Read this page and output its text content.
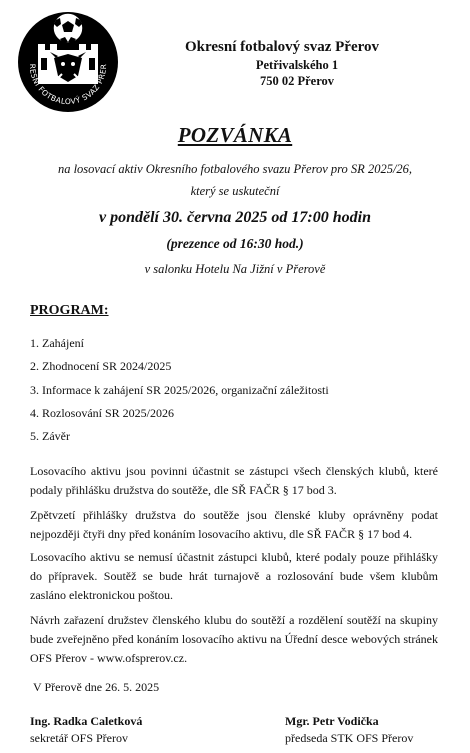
RESNÍ FOTBALOVÝ SVAZ PŘER
Okresní fotbalový svaz Přerov
Petřivalského 1
750 02 Přerov
POZVÁNKA
na losovací aktiv Okresního fotbalového svazu Přerov pro SR 2025/26,
který se uskuteční
v pondělí 30. června 2025 od 17:00 hodin
(prezence od 16:30 hod.)
v salonku Hotelu Na Jižní v Přerově
PROGRAM:
1. Zahájení
2. Zhodnocení SR 2024/2025
3. Informace k zahájení SR 2025/2026, organizační záležitosti
4. Rozlosování SR 2025/2026
5. Závěr

Losovacího aktivu jsou povinni účastnit se zástupci všech členských klubů, které podaly přihlášku družstva do soutěže, dle SŘ FAČR § 17 bod 3.

Zpětvzetí přihlášky družstva do soutěže jsou členské kluby oprávněny podat nejpozději čtyři dny před konáním losovacího aktivu, dle SŘ FAČR § 17 bod 4.

Losovacího aktivu se nemusí účastnit zástupci klubů, které podaly pouze přihlášky do přípravek. Soutěž se bude hrát turnajově a rozlosování bude všem klubům zasláno elektronickou poštou.

Návrh zařazení družstev členského klubu do soutěží a rozdělení soutěží na skupiny bude zveřejněno před konáním losovacího aktivu na Úřední desce webových stránek OFS Přerov - www.ofsprerov.cz.

V Přerově dne 26. 5. 2025
Ing. Radka Caletková
sekretář OFS Přerov
Mgr. Petr Vodička
předseda STK OFS Přerov
